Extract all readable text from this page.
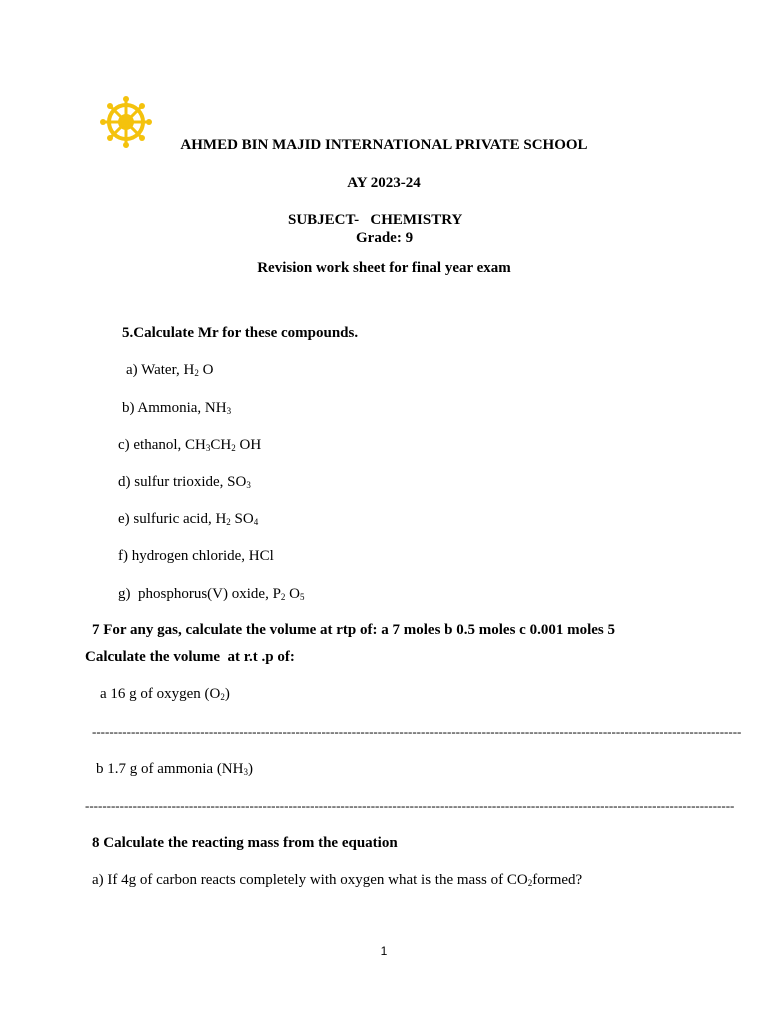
AHMED BIN MAJID INTERNATIONAL PRIVATE SCHOOL
AY 2023-24
SUBJECT-   CHEMISTRY
Grade: 9
Revision work sheet for final year exam
5.Calculate Mr for these compounds.
a) Water, $H_2$ O
b) Ammonia, $NH_3$
c) ethanol, $CH_3CH_2$ OH
d) sulfur trioxide, $SO_3$
e) sulfuric acid, $H_2$ $SO_4$
f) hydrogen chloride, HCl
g)  phosphorus(V) oxide, $P_2$ $O_5$
7 For any gas, calculate the volume at rtp of: a 7 moles b 0.5 moles c 0.001 moles 5
Calculate the volume  at r.t .p of:
a 16 g of oxygen $(O_2)$
------------------------------------------------------------------------------------------------------------------------------------------------------
b 1.7 g of ammonia $(NH_3)$
------------------------------------------------------------------------------------------------------------------------------------------------------
8 Calculate the reacting mass from the equation
a) If 4g of carbon reacts completely with oxygen what is the mass of $CO_2formed$?
1
